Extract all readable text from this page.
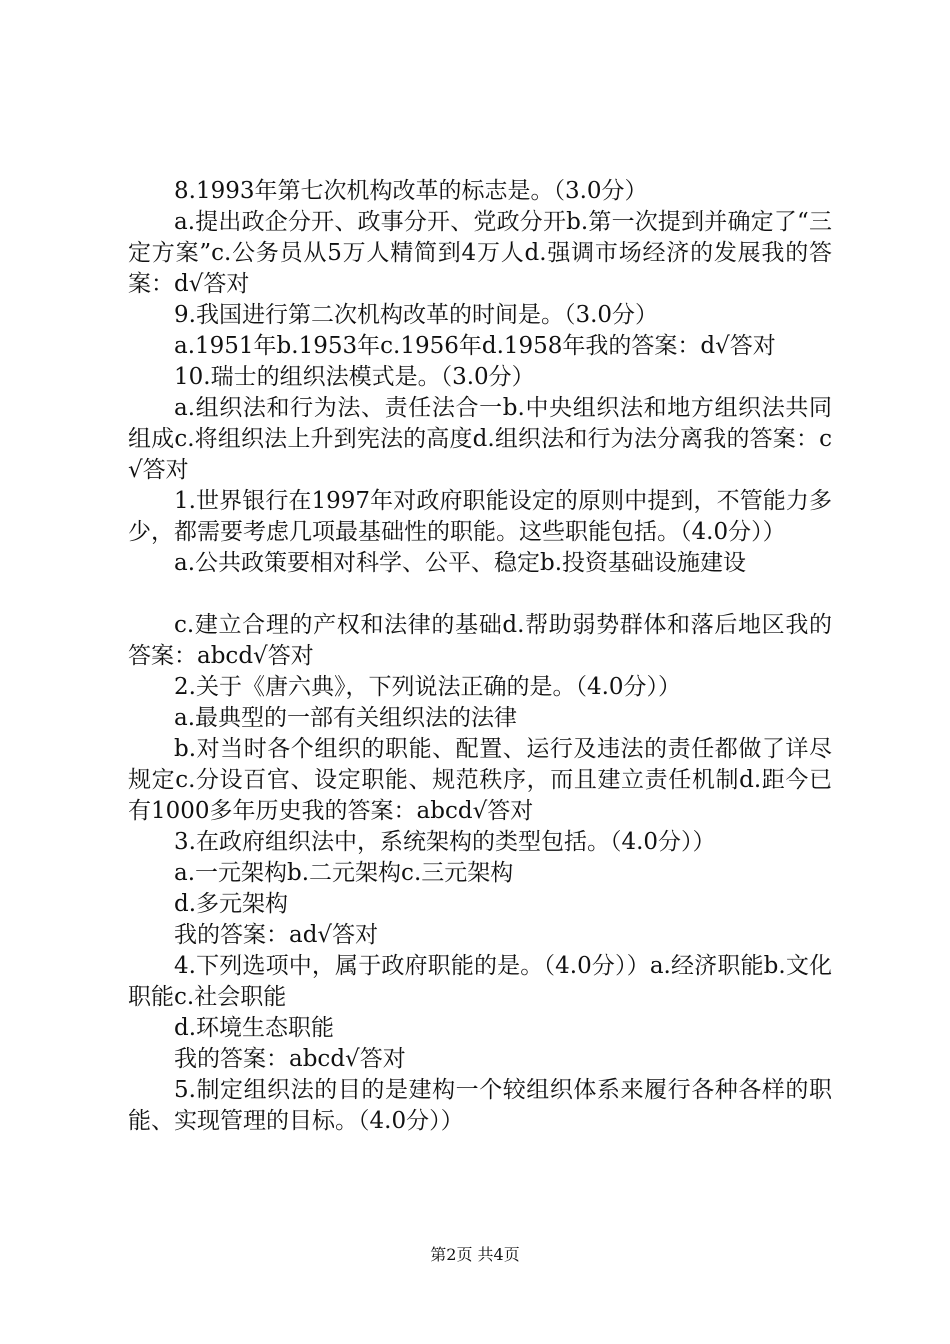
8.1993年第七次机构改革的标志是。（3.0分）

a.提出政企分开、政事分开、党政分开b.第一次提到并确定了“三定方案”c.公务员从5万人精简到4万人d.强调市场经济的发展我的答案：d√答对

9.我国进行第二次机构改革的时间是。（3.0分）

a.1951年b.1953年c.1956年d.1958年我的答案：d√答对

10.瑞士的组织法模式是。（3.0分）

a.组织法和行为法、责任法合一b.中央组织法和地方组织法共同组成c.将组织法上升到宪法的高度d.组织法和行为法分离我的答案：c√答对

1.世界银行在1997年对政府职能设定的原则中提到，不管能力多少，都需要考虑几项最基础性的职能。这些职能包括。（4.0分））

a.公共政策要相对科学、公平、稳定b.投资基础设施建设

c.建立合理的产权和法律的基础d.帮助弱势群体和落后地区我的答案：abcd√答对

2.关于《唐六典》，下列说法正确的是。（4.0分））

a.最典型的一部有关组织法的法律

b.对当时各个组织的职能、配置、运行及违法的责任都做了详尽规定c.分设百官、设定职能、规范秩序，而且建立责任机制d.距今已有1000多年历史我的答案：abcd√答对

3.在政府组织法中，系统架构的类型包括。（4.0分））

a.一元架构b.二元架构c.三元架构

d.多元架构

我的答案：ad√答对

4.下列选项中，属于政府职能的是。（4.0分））a.经济职能b.文化职能c.社会职能

d.环境生态职能

我的答案：abcd√答对

5.制定组织法的目的是建构一个较组织体系来履行各种各样的职能、实现管理的目标。（4.0分））

第2页 共4页
